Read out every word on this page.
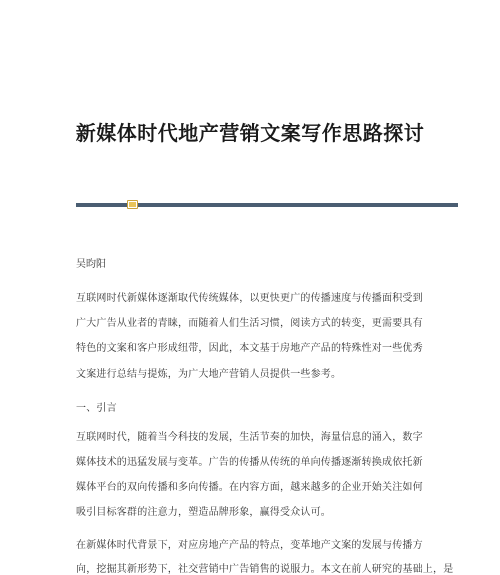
新媒体时代地产营销文案写作思路探讨
吴昀阳
互联网时代新媒体逐渐取代传统媒体，以更快更广的传播速度与传播面积受到
广大广告从业者的青睐，而随着人们生活习惯，阅读方式的转变，更需要具有
特色的文案和客户形成纽带，因此，本文基于房地产产品的特殊性对一些优秀
文案进行总结与提炼，为广大地产营销人员提供一些参考。
一、引言
互联网时代，随着当今科技的发展，生活节奏的加快，海量信息的涌入，数字
媒体技术的迅猛发展与变革。广告的传播从传统的单向传播逐渐转换成依托新
媒体平台的双向传播和多向传播。在内容方面，越来越多的企业开始关注如何
吸引目标客群的注意力，塑造品牌形象，赢得受众认可。
在新媒体时代背景下，对应房地产产品的特点，变革地产文案的发展与传播方
向，挖掘其新形势下，社交营销中广告销售的说服力。本文在前人研究的基础上，是
